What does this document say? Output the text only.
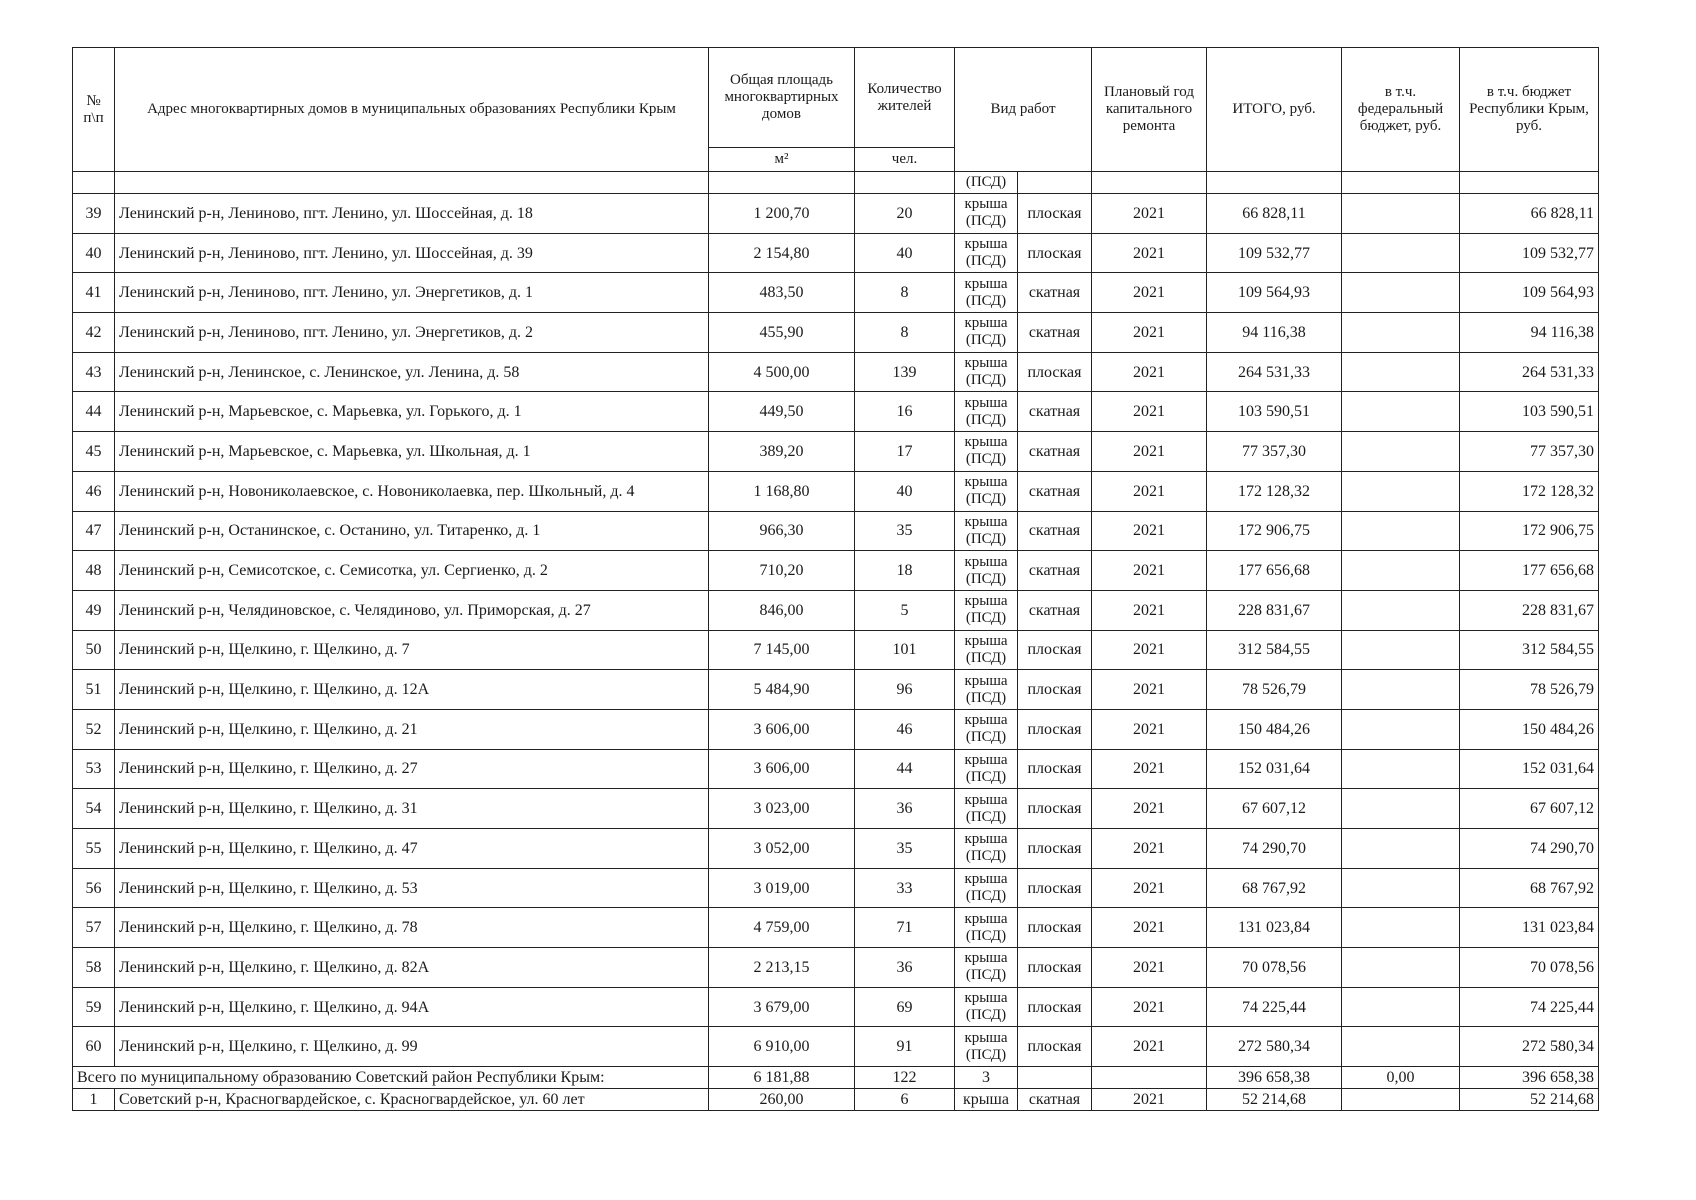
№ п\п	Адрес многоквартирных домов в муниципальных образованиях Республики Крым	Общая площадь многоквартирных домов	Количество жителей	Вид работ		Плановый год капитального ремонта	ИТОГО, руб.	в т.ч. федеральный бюджет, руб.	в т.ч. бюджет Республики Крым, руб.
		м²	чел.						
				(ПСД)					
39	Ленинский р-н, Лениново, пгт. Ленино, ул. Шоссейная, д. 18	1 200,70	20	крыша (ПСД)	плоская	2021	66 828,11		66 828,11
40	Ленинский р-н, Лениново, пгт. Ленино, ул. Шоссейная, д. 39	2 154,80	40	крыша (ПСД)	плоская	2021	109 532,77		109 532,77
41	Ленинский р-н, Лениново, пгт. Ленино, ул. Энергетиков, д. 1	483,50	8	крыша (ПСД)	скатная	2021	109 564,93		109 564,93
42	Ленинский р-н, Лениново, пгт. Ленино, ул. Энергетиков, д. 2	455,90	8	крыша (ПСД)	скатная	2021	94 116,38		94 116,38
43	Ленинский р-н, Ленинское, с. Ленинское, ул. Ленина, д. 58	4 500,00	139	крыша (ПСД)	плоская	2021	264 531,33		264 531,33
44	Ленинский р-н, Марьевское, с. Марьевка, ул. Горького, д. 1	449,50	16	крыша (ПСД)	скатная	2021	103 590,51		103 590,51
45	Ленинский р-н, Марьевское, с. Марьевка, ул. Школьная, д. 1	389,20	17	крыша (ПСД)	скатная	2021	77 357,30		77 357,30
46	Ленинский р-н, Новониколаевское, с. Новониколаевка, пер. Школьный, д. 4	1 168,80	40	крыша (ПСД)	скатная	2021	172 128,32		172 128,32
47	Ленинский р-н, Останинское, с. Останино, ул. Титаренко, д. 1	966,30	35	крыша (ПСД)	скатная	2021	172 906,75		172 906,75
48	Ленинский р-н, Семисотское, с. Семисотка, ул. Сергиенко, д. 2	710,20	18	крыша (ПСД)	скатная	2021	177 656,68		177 656,68
49	Ленинский р-н, Челядиновское, с. Челядиново, ул. Приморская, д. 27	846,00	5	крыша (ПСД)	скатная	2021	228 831,67		228 831,67
50	Ленинский р-н, Щелкино, г. Щелкино, д. 7	7 145,00	101	крыша (ПСД)	плоская	2021	312 584,55		312 584,55
51	Ленинский р-н, Щелкино, г. Щелкино, д. 12А	5 484,90	96	крыша (ПСД)	плоская	2021	78 526,79		78 526,79
52	Ленинский р-н, Щелкино, г. Щелкино, д. 21	3 606,00	46	крыша (ПСД)	плоская	2021	150 484,26		150 484,26
53	Ленинский р-н, Щелкино, г. Щелкино, д. 27	3 606,00	44	крыша (ПСД)	плоская	2021	152 031,64		152 031,64
54	Ленинский р-н, Щелкино, г. Щелкино, д. 31	3 023,00	36	крыша (ПСД)	плоская	2021	67 607,12		67 607,12
55	Ленинский р-н, Щелкино, г. Щелкино, д. 47	3 052,00	35	крыша (ПСД)	плоская	2021	74 290,70		74 290,70
56	Ленинский р-н, Щелкино, г. Щелкино, д. 53	3 019,00	33	крыша (ПСД)	плоская	2021	68 767,92		68 767,92
57	Ленинский р-н, Щелкино, г. Щелкино, д. 78	4 759,00	71	крыша (ПСД)	плоская	2021	131 023,84		131 023,84
58	Ленинский р-н, Щелкино, г. Щелкино, д. 82А	2 213,15	36	крыша (ПСД)	плоская	2021	70 078,56		70 078,56
59	Ленинский р-н, Щелкино, г. Щелкино, д. 94А	3 679,00	69	крыша (ПСД)	плоская	2021	74 225,44		74 225,44
60	Ленинский р-н, Щелкино, г. Щелкино, д. 99	6 910,00	91	крыша (ПСД)	плоская	2021	272 580,34		272 580,34
Всего по муниципальному образованию Советский район Республики Крым:		6 181,88	122	3			396 658,38	0,00	396 658,38
1	Советский р-н, Красногвардейское, с. Красногвардейское, ул. 60 лет	260,00	6	крыша	скатная	2021	52 214,68		52 214,68
